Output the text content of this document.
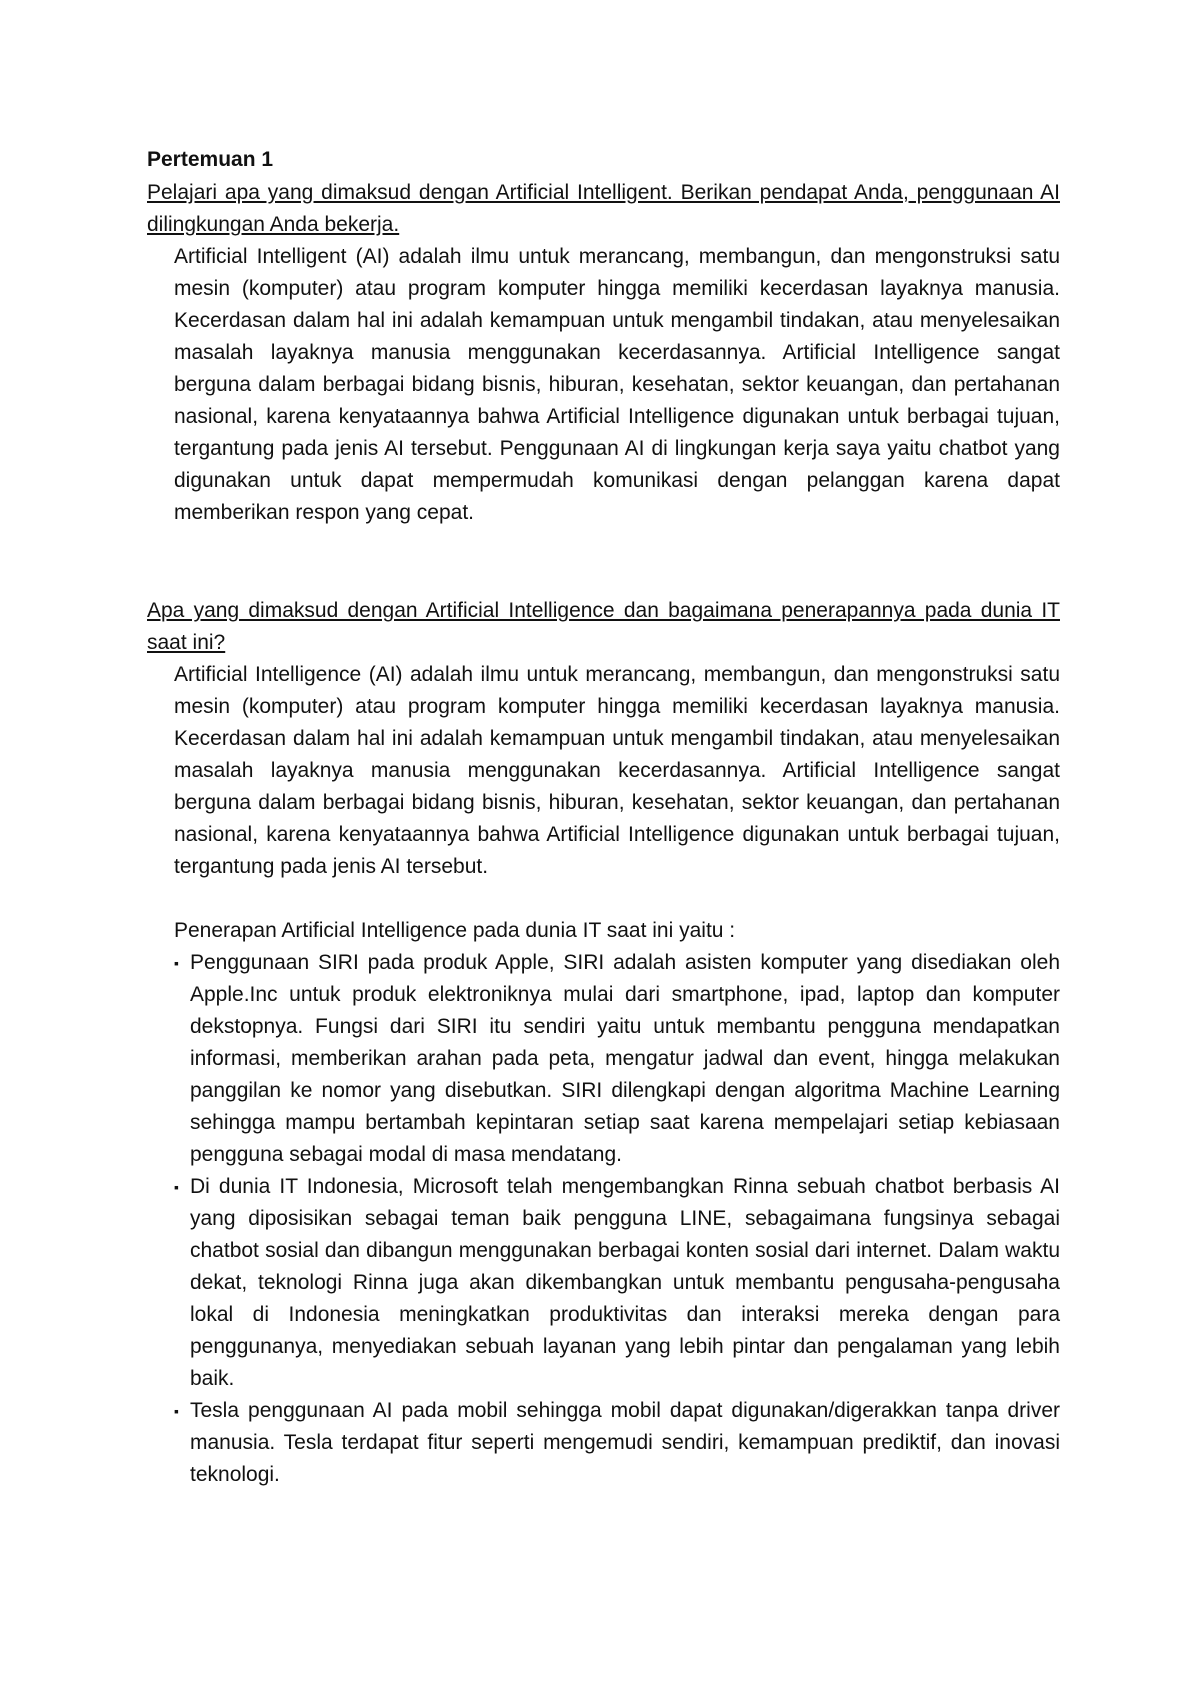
Pertemuan 1

Pelajari apa yang dimaksud dengan Artificial Intelligent. Berikan pendapat Anda, penggunaan AI dilingkungan Anda bekerja.

Artificial Intelligent (AI) adalah ilmu untuk merancang, membangun, dan mengonstruksi satu mesin (komputer) atau program komputer hingga memiliki kecerdasan layaknya manusia. Kecerdasan dalam hal ini adalah kemampuan untuk mengambil tindakan, atau menyelesaikan masalah layaknya manusia menggunakan kecerdasannya. Artificial Intelligence sangat berguna dalam berbagai bidang bisnis, hiburan, kesehatan, sektor keuangan, dan pertahanan nasional, karena kenyataannya bahwa Artificial Intelligence digunakan untuk berbagai tujuan, tergantung pada jenis AI tersebut. Penggunaan AI di lingkungan kerja saya yaitu chatbot yang digunakan untuk dapat mempermudah komunikasi dengan pelanggan karena dapat memberikan respon yang cepat.

Apa yang dimaksud dengan Artificial Intelligence dan bagaimana penerapannya pada dunia IT saat ini?

Artificial Intelligence (AI) adalah ilmu untuk merancang, membangun, dan mengonstruksi satu mesin (komputer) atau program komputer hingga memiliki kecerdasan layaknya manusia. Kecerdasan dalam hal ini adalah kemampuan untuk mengambil tindakan, atau menyelesaikan masalah layaknya manusia menggunakan kecerdasannya. Artificial Intelligence sangat berguna dalam berbagai bidang bisnis, hiburan, kesehatan, sektor keuangan, dan pertahanan nasional, karena kenyataannya bahwa Artificial Intelligence digunakan untuk berbagai tujuan, tergantung pada jenis AI tersebut.

Penerapan Artificial Intelligence pada dunia IT saat ini yaitu :

▪ Penggunaan SIRI pada produk Apple, SIRI adalah asisten komputer yang disediakan oleh Apple.Inc untuk produk elektroniknya mulai dari smartphone, ipad, laptop dan komputer dekstopnya. Fungsi dari SIRI itu sendiri yaitu untuk membantu pengguna mendapatkan informasi, memberikan arahan pada peta, mengatur jadwal dan event, hingga melakukan panggilan ke nomor yang disebutkan. SIRI dilengkapi dengan algoritma Machine Learning sehingga mampu bertambah kepintaran setiap saat karena mempelajari setiap kebiasaan pengguna sebagai modal di masa mendatang.
▪ Di dunia IT Indonesia, Microsoft telah mengembangkan Rinna sebuah chatbot berbasis AI yang diposisikan sebagai teman baik pengguna LINE, sebagaimana fungsinya sebagai chatbot sosial dan dibangun menggunakan berbagai konten sosial dari internet. Dalam waktu dekat, teknologi Rinna juga akan dikembangkan untuk membantu pengusaha-pengusaha lokal di Indonesia meningkatkan produktivitas dan interaksi mereka dengan para penggunanya, menyediakan sebuah layanan yang lebih pintar dan pengalaman yang lebih baik.
▪ Tesla penggunaan AI pada mobil sehingga mobil dapat digunakan/digerakkan tanpa driver manusia. Tesla terdapat fitur seperti mengemudi sendiri, kemampuan prediktif, dan inovasi teknologi.
